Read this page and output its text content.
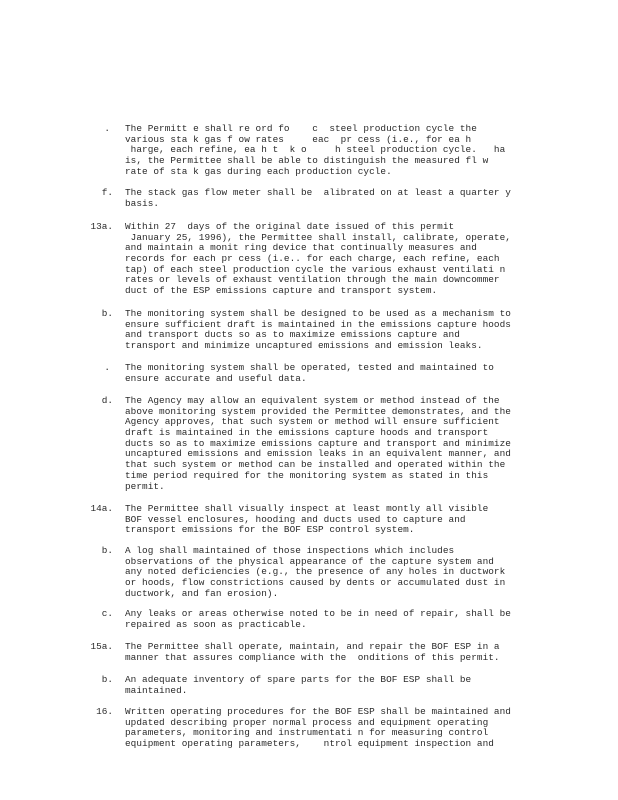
. The Permitt e shall re ord fo    c  steel production cycle the
various sta k gas f ow rates     eac  pr cess (i.e., for ea h
harge, each refine, ea h t  k o     h steel production cycle.   ha
is, the Permittee shall be able to distinguish the measured fl w
rate of sta k gas during each production cycle.
f. The stack gas flow meter shall be  alibrated on at least a quarter y
basis.
13a. Within 27  days of the original date issued of this permit
January 25, 1996), the Permittee shall install, calibrate, operate,
and maintain a monit ring device that continually measures and
records for each pr cess (i.e.. for each charge, each refine, each
tap) of each steel production cycle the various exhaust ventilati n
rates or levels of exhaust ventilation through the main downcommer
duct of the ESP emissions capture and transport system.
b. The monitoring system shall be designed to be used as a mechanism to
ensure sufficient draft is maintained in the emissions capture hoods
and transport ducts so as to maximize emissions capture and
transport and minimize uncaptured emissions and emission leaks.
. The monitoring system shall be operated, tested and maintained to
ensure accurate and useful data.
d. The Agency may allow an equivalent system or method instead of the
above monitoring system provided the Permittee demonstrates, and the
Agency approves, that such system or method will ensure sufficient
draft is maintained in the emissions capture hoods and transport
ducts so as to maximize emissions capture and transport and minimize
uncaptured emissions and emission leaks in an equivalent manner, and
that such system or method can be installed and operated within the
time period required for the monitoring system as stated in this
permit.
14a. The Permittee shall visually inspect at least montly all visible
BOF vessel enclosures, hooding and ducts used to capture and
transport emissions for the BOF ESP control system.
b. A log shall maintained of those inspections which includes
observations of the physical appearance of the capture system and
any noted deficiencies (e.g., the presence of any holes in ductwork
or hoods, flow constrictions caused by dents or accumulated dust in
ductwork, and fan erosion).
c. Any leaks or areas otherwise noted to be in need of repair, shall be
repaired as soon as practicable.
15a. The Permittee shall operate, maintain, and repair the BOF ESP in a
manner that assures compliance with the  onditions of this permit.
b. An adequate inventory of spare parts for the BOF ESP shall be
maintained.
16. Written operating procedures for the BOF ESP shall be maintained and
updated describing proper normal process and equipment operating
parameters, monitoring and instrumentati n for measuring control
equipment operating parameters,    ntrol equipment inspection and
